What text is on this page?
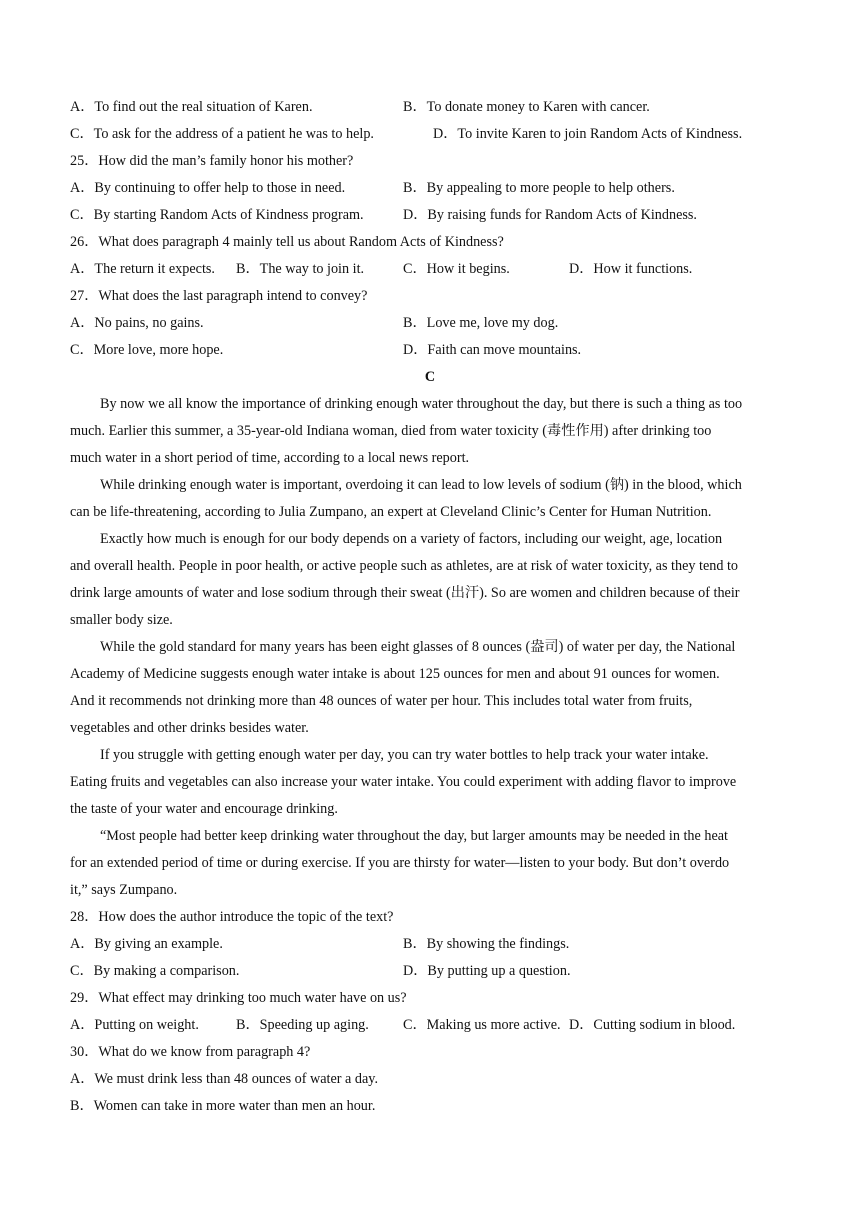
A．To find out the real situation of Karen.	B．To donate money to Karen with cancer.
C．To ask for the address of a patient he was to help.	D．To invite Karen to join Random Acts of Kindness.
25．How did the man’s family honor his mother?
A．By continuing to offer help to those in need.	B．By appealing to more people to help others.
C．By starting Random Acts of Kindness program.	D．By raising funds for Random Acts of Kindness.
26．What does paragraph 4 mainly tell us about Random Acts of Kindness?
A．The return it expects. B．The way to join it.	C．How it begins.	D．How it functions.
27．What does the last paragraph intend to convey?
A．No pains, no gains.	B．Love me, love my dog.
C．More love, more hope.	D．Faith can move mountains.
C
By now we all know the importance of drinking enough water throughout the day, but there is such a thing as too
much. Earlier this summer, a 35-year-old Indiana woman, died from water toxicity (毒性作用) after drinking too
much water in a short period of time, according to a local news report.
While drinking enough water is important, overdoing it can lead to low levels of sodium (钠) in the blood, which
can be life-threatening, according to Julia Zumpano, an expert at Cleveland Clinic’s Center for Human Nutrition.
Exactly how much is enough for our body depends on a variety of factors, including our weight, age, location
and overall health. People in poor health, or active people such as athletes, are at risk of water toxicity, as they tend to
drink large amounts of water and lose sodium through their sweat (出汗). So are women and children because of their
smaller body size.
While the gold standard for many years has been eight glasses of 8 ounces (盎司) of water per day, the National
Academy of Medicine suggests enough water intake is about 125 ounces for men and about 91 ounces for women.
And it recommends not drinking more than 48 ounces of water per hour. This includes total water from fruits,
vegetables and other drinks besides water.
If you struggle with getting enough water per day, you can try water bottles to help track your water intake.
Eating fruits and vegetables can also increase your water intake. You could experiment with adding flavor to improve
the taste of your water and encourage drinking.
“Most people had better keep drinking water throughout the day, but larger amounts may be needed in the heat
for an extended period of time or during exercise. If you are thirsty for water—listen to your body. But don’t overdo
it,” says Zumpano.
28．How does the author introduce the topic of the text?
A．By giving an example.	B．By showing the findings.
C．By making a comparison.	D．By putting up a question.
29．What effect may drinking too much water have on us?
A．Putting on weight.	B．Speeding up aging. C．Making us more active. D．Cutting sodium in blood.
30．What do we know from paragraph 4?
A．We must drink less than 48 ounces of water a day.
B．Women can take in more water than men an hour.
